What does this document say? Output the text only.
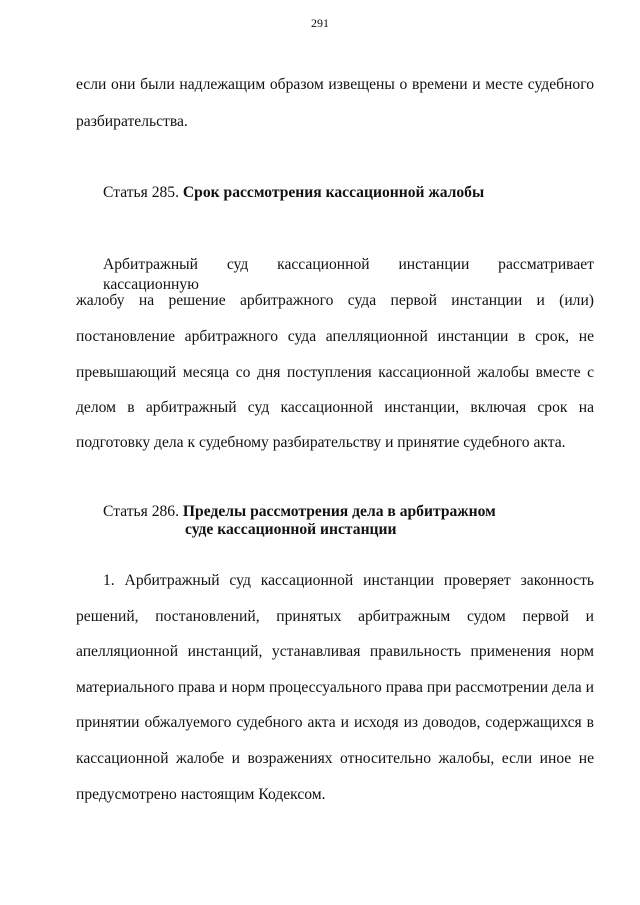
291
если они были надлежащим образом извещены о времени и месте судебного
разбирательства.
Статья 285. Срок рассмотрения кассационной жалобы
Арбитражный суд кассационной инстанции рассматривает кассационную
жалобу на решение арбитражного суда первой инстанции и (или)
постановление арбитражного суда апелляционной инстанции в срок, не
превышающий месяца со дня поступления кассационной жалобы вместе с
делом в арбитражный суд кассационной инстанции, включая срок на
подготовку дела к судебному разбирательству и принятие судебного акта.
Статья 286. Пределы рассмотрения дела в арбитражном
суде кассационной инстанции
1. Арбитражный суд кассационной инстанции проверяет законность
решений, постановлений, принятых арбитражным судом первой и
апелляционной инстанций, устанавливая правильность применения норм
материального права и норм процессуального права при рассмотрении дела и
принятии обжалуемого судебного акта и исходя из доводов, содержащихся в
кассационной жалобе и возражениях относительно жалобы, если иное не
предусмотрено настоящим Кодексом.
